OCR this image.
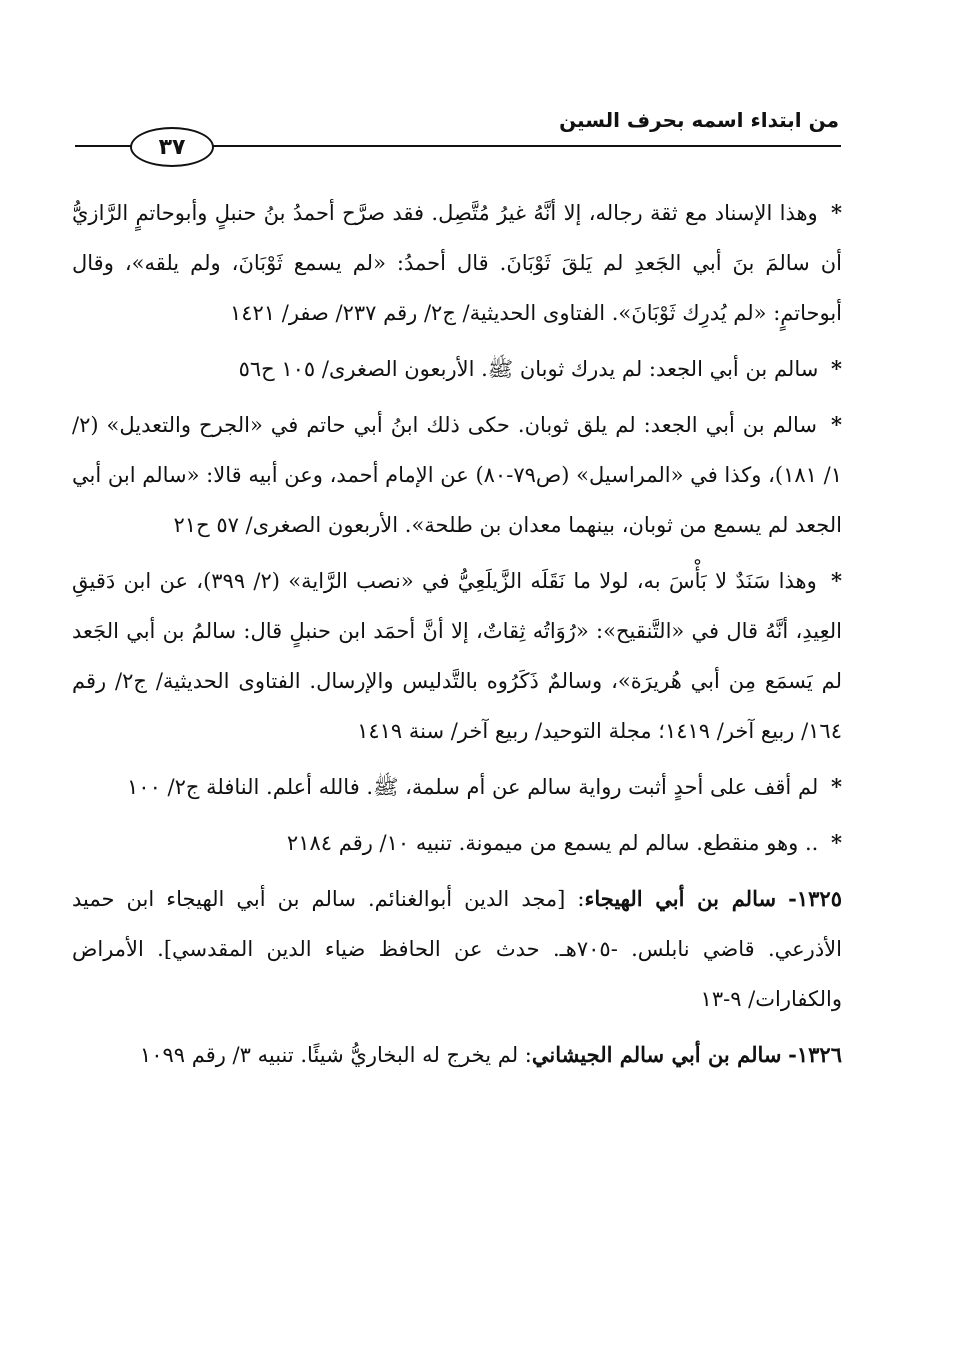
من ابتداء اسمه بحرف السين
٣٧

* وهذا الإسناد مع ثقة رجاله، إلا أنَّهُ غيرُ مُتَّصِل. فقد صرَّح أحمدُ بنُ حنبلٍ وأبوحاتمٍ الرَّازيُّ أن سالمَ بنَ أبي الجَعدِ لم يَلقَ ثَوْبَانَ. قال أحمدُ: «لم يسمع ثَوْبَانَ، ولم يلقه»، وقال أبوحاتمٍ: «لم يُدرِك ثَوْبَانَ». الفتاوى الحديثية/ ج٢/ رقم ٢٣٧/ صفر/ ١٤٢١

* سالم بن أبي الجعد: لم يدرك ثوبان ﷺ. الأربعون الصغرى/ ١٠٥ ح٥٦

* سالم بن أبي الجعد: لم يلق ثوبان. حكى ذلك ابنُ أبي حاتم في «الجرح والتعديل» (٢/ ١/ ١٨١)، وكذا في «المراسيل» (ص٧٩-٨٠) عن الإمام أحمد، وعن أبيه قالا: «سالم ابن أبي الجعد لم يسمع من ثوبان، بينهما معدان بن طلحة». الأربعون الصغرى/ ٥٧ ح٢١

* وهذا سَنَدٌ لا بَأْسَ به، لولا ما نَقَلَه الزَّيلَعِيُّ في «نصب الرَّاية» (٢/ ٣٩٩)، عن ابن دَقيقِ العِيدِ، أنَّهُ قال في «التَّنقيح»: «رُوَاتُه ثِقاتٌ، إلا أنَّ أحمَد ابن حنبلٍ قال: سالمُ بن أبي الجَعد لم يَسمَع مِن أبي هُريرَة»، وسالمٌ ذَكَرُوه بالتَّدليس والإرسال. الفتاوى الحديثية/ ج٢/ رقم ١٦٤/ ربيع آخر/ ١٤١٩؛ مجلة التوحيد/ ربيع آخر/ سنة ١٤١٩

* لم أقف على أحدٍ أثبت رواية سالم عن أم سلمة، ﷺ. فالله أعلم. النافلة ج٢/ ١٠٠

* .. وهو منقطع. سالم لم يسمع من ميمونة. تنبيه ١٠/ رقم ٢١٨٤

١٣٢٥- سالم بن أبي الهيجاء: [مجد الدين أبوالغنائم. سالم بن أبي الهيجاء ابن حميد الأذرعي. قاضي نابلس. -٧٠٥هـ. حدث عن الحافظ ضياء الدين المقدسي]. الأمراض والكفارات/ ٩-١٣

١٣٢٦- سالم بن أبي سالم الجيشاني: لم يخرج له البخاريُّ شيئًا. تنبيه ٣/ رقم ١٠٩٩
